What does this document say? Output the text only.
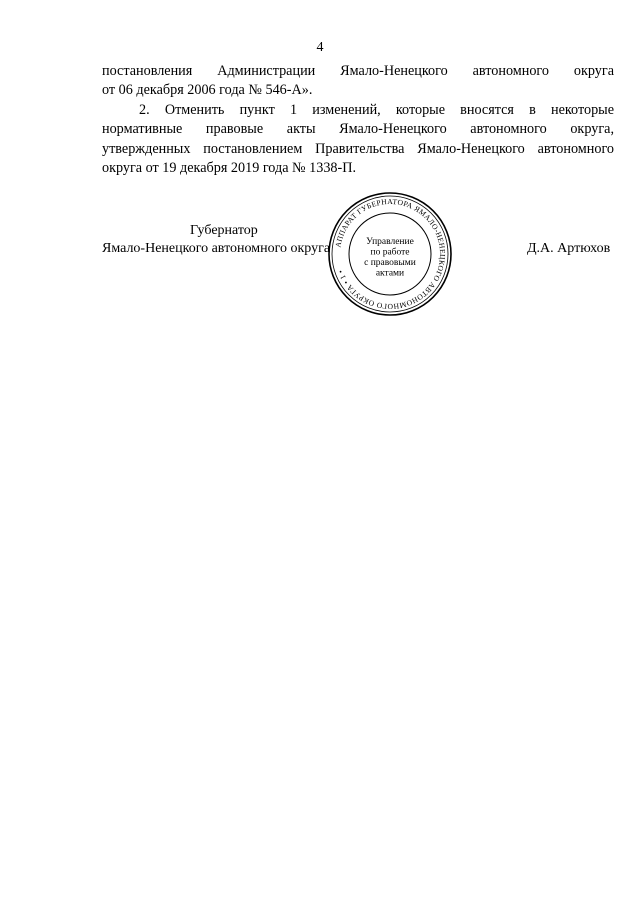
4

постановления Администрации Ямало-Ненецкого автономного округа
от 06 декабря 2006 года № 546-А».

2. Отменить пункт 1 изменений, которые вносятся в некоторые
нормативные правовые акты Ямало-Ненецкого автономного округа,
утвержденных постановлением Правительства Ямало-Ненецкого автономного
округа от 19 декабря 2019 года № 1338-П.

Губернатор
Ямало-Ненецкого автономного округа	Д.А. Артюхов
АППАРАТ ГУБЕРНАТОРА ЯМАЛО-НЕНЕЦКОГО АВТОНОМНОГО ОКРУГА • 1 •
Управление
по работе
с правовыми
актами
